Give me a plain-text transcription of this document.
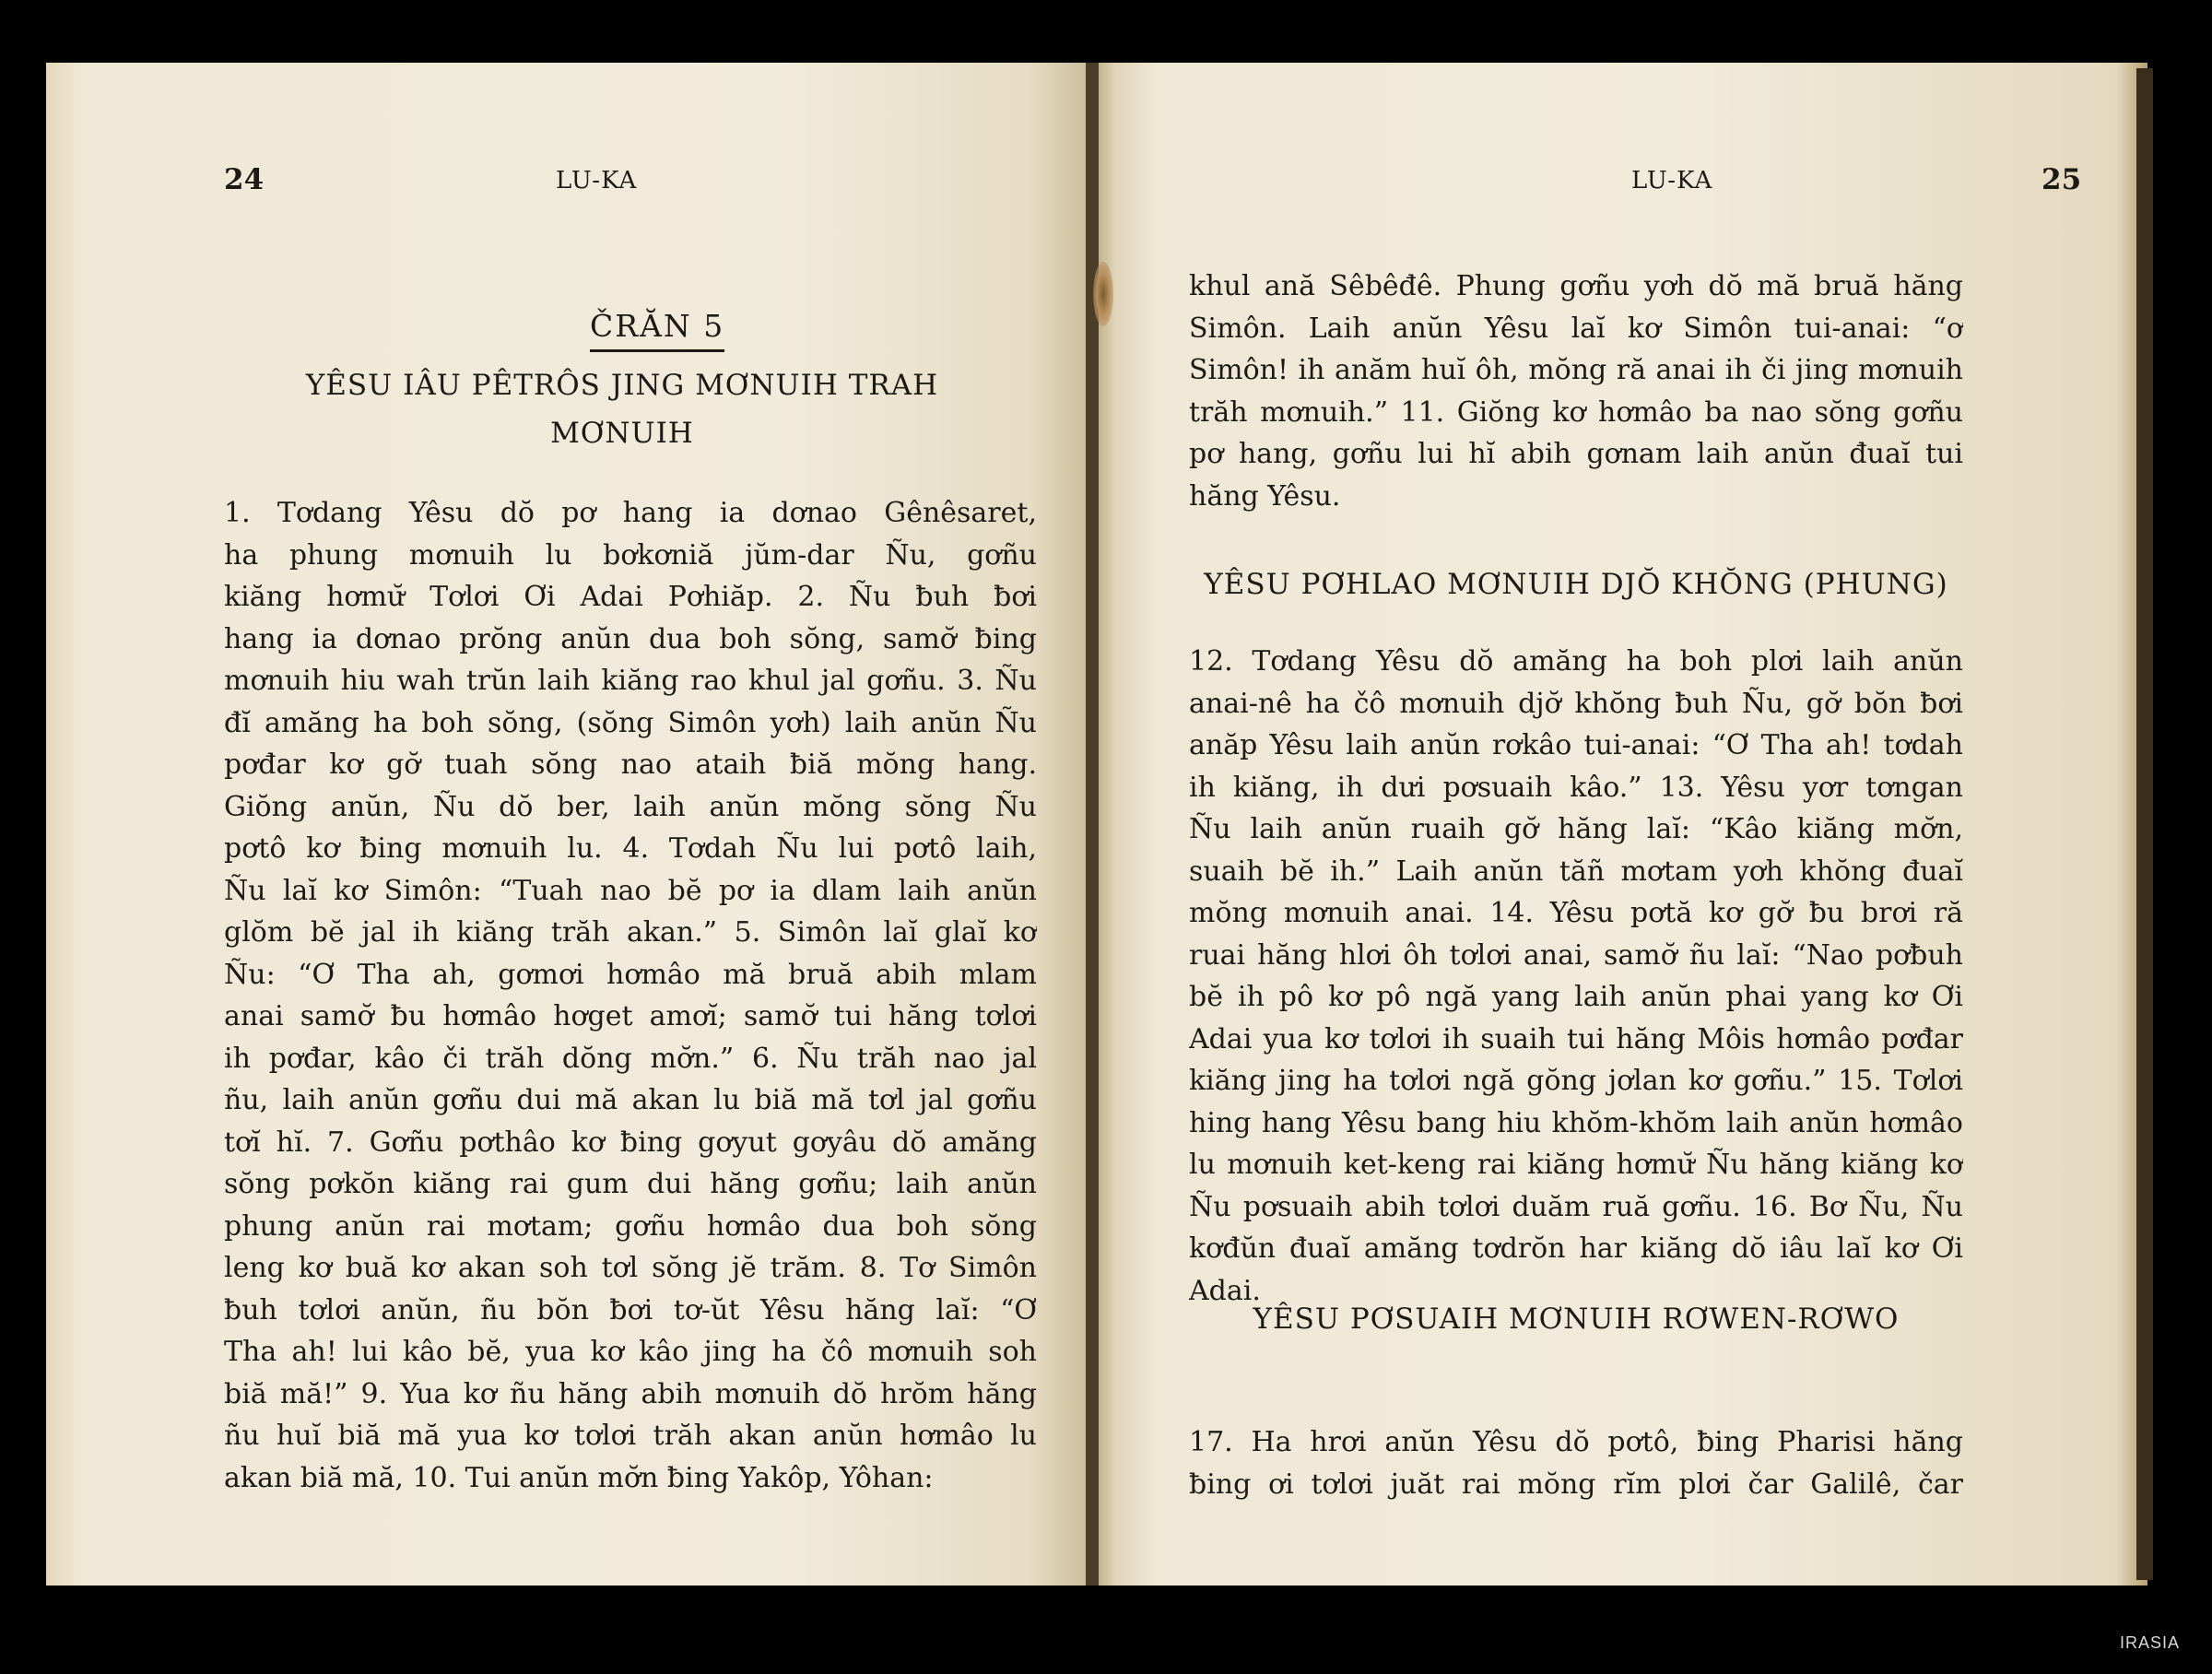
24	LU-KA
ČRĂN 5
YÊSU IÂU PÊTRÔS JING MƠNUIH TRAH
MƠNUIH
1. Tơdang Yêsu dŏ pơ hang ia dơnao Gênêsaret,
ha phung mơnuih lu bơkơniă jŭm-dar Ñu, gơñu
kiăng hơmư̆ Tơlơi Ơi Adai Pơhiăp. 2. Ñu ƀuh ƀơi
hang ia dơnao prŏng anŭn dua boh sŏng, samơ̆ ƀing
mơnuih hiu wah trŭn laih kiăng rao khul jal gơñu. 3. Ñu
đĭ amăng ha boh sŏng, (sŏng Simôn yơh) laih anŭn Ñu
pơđar kơ gơ̆ tuah sŏng nao ataih ƀiă mŏng hang.
Giŏng anŭn, Ñu dŏ ber, laih anŭn mŏng sŏng Ñu
pơtô kơ ƀing mơnuih lu. 4. Tơdah Ñu lui pơtô laih,
Ñu laĭ kơ Simôn: “Tuah nao bĕ pơ ia dlam laih anŭn
glŏm bĕ jal ih kiăng trăh akan.” 5. Simôn laĭ glaĭ kơ
Ñu: “Ơ Tha ah, gơmơi hơmâo mă bruă abih mlam
anai samơ̆ ƀu hơmâo hơget amơĭ; samơ̆ tui hăng tơlơi
ih pơđar, kâo či trăh dŏng mơ̆n.” 6. Ñu trăh nao jal
ñu, laih anŭn gơñu dui mă akan lu biă mă tơl jal gơñu
tơĭ hĭ. 7. Gơñu pơthâo kơ ƀing gơyut gơyâu dŏ amăng
sŏng pơkŏn kiăng rai gum dui hăng gơñu; laih anŭn
phung anŭn rai mơtam; gơñu hơmâo dua boh sŏng
leng kơ buă kơ akan soh tơl sŏng jĕ trăm. 8. Tơ Simôn
ƀuh tơlơi anŭn, ñu bŏn ƀơi tơ-ŭt Yêsu hăng laĭ: “Ơ
Tha ah! lui kâo bĕ, yua kơ kâo jing ha čô mơnuih soh
biă mă!” 9. Yua kơ ñu hăng abih mơnuih dŏ hrŏm hăng
ñu huĭ biă mă yua kơ tơlơi trăh akan anŭn hơmâo lu
akan biă mă, 10. Tui anŭn mơ̆n ƀing Yakôp, Yôhan:
LU-KA	25
khul ană Sêbêđê. Phung gơñu yơh dŏ mă bruă hăng
Simôn. Laih anŭn Yêsu laĭ kơ Simôn tui-anai: “ơ
Simôn! ih anăm huĭ ôh, mŏng ră anai ih či jing mơnuih
trăh mơnuih.” 11. Giŏng kơ hơmâo ba nao sŏng gơñu
pơ hang, gơñu lui hĭ abih gơnam laih anŭn đuaĭ tui
hăng Yêsu.
YÊSU PƠHLAO MƠNUIH DJŎ KHŎNG (PHUNG)
12. Tơdang Yêsu dŏ amăng ha boh plơi laih anŭn
anai-nê ha čô mơnuih djơ̆ khŏng ƀuh Ñu, gơ̆ bŏn ƀơi
anăp Yêsu laih anŭn rơkâo tui-anai: “Ơ Tha ah! tơdah
ih kiăng, ih dưi pơsuaih kâo.” 13. Yêsu yơr tơngan
Ñu laih anŭn ruaih gơ̆ hăng laĭ: “Kâo kiăng mơ̆n,
suaih bĕ ih.” Laih anŭn tăñ mơtam yơh khŏng đuaĭ
mŏng mơnuih anai. 14. Yêsu pơtă kơ gơ̆ ƀu brơi ră
ruai hăng hlơi ôh tơlơi anai, samơ̆ ñu laĭ: “Nao pơƀuh
bĕ ih pô kơ pô ngă yang laih anŭn phai yang kơ Ơi
Adai yua kơ tơlơi ih suaih tui hăng Môis hơmâo pơđar
kiăng jing ha tơlơi ngă gŏng jơlan kơ gơñu.” 15. Tơlơi
hing hang Yêsu bang hiu khŏm-khŏm laih anŭn hơmâo
lu mơnuih ket-keng rai kiăng hơmư̆ Ñu hăng kiăng kơ
Ñu pơsuaih abih tơlơi duăm ruă gơñu. 16. Bơ Ñu, Ñu
kơđŭn đuaĭ amăng tơdrŏn har kiăng dŏ iâu laĭ kơ Ơi
Adai.
YÊSU PƠSUAIH MƠNUIH RƠWEN-RƠWO
17. Ha hrơi anŭn Yêsu dŏ pơtô, ƀing Pharisi hăng
ƀing ơi tơlơi juăt rai mŏng rĭm plơi čar Galilê, čar
IRASIA
